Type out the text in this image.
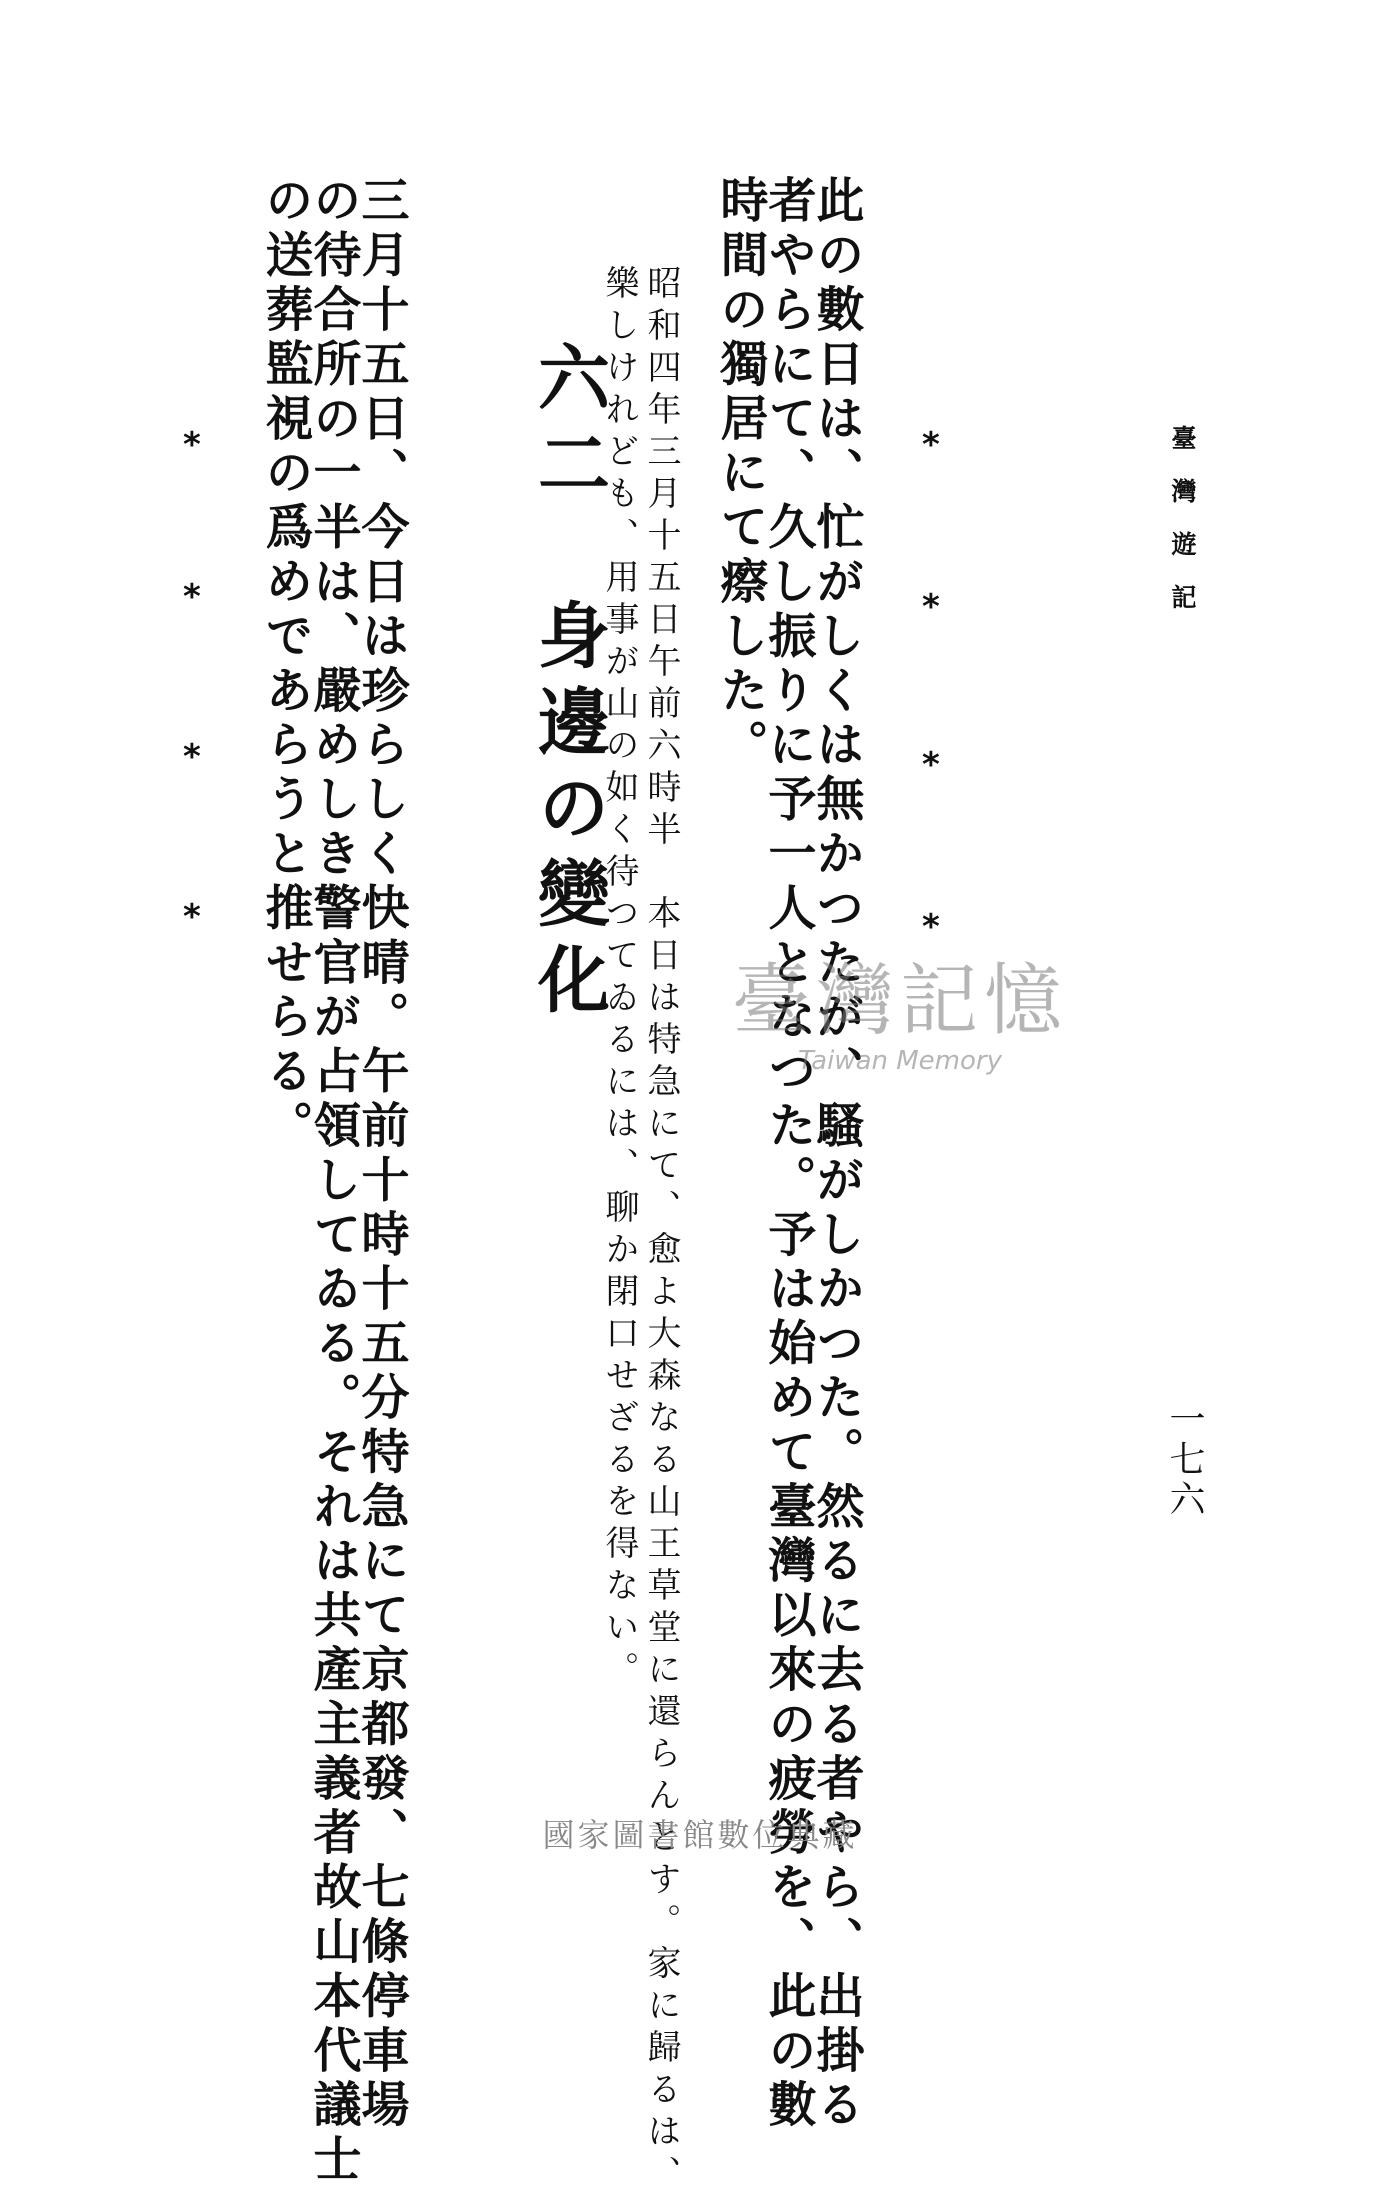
臺灣遊記
一七六
*
*
*
*
此の數日は、忙がしくは無かつたが、騷がしかつた。然るに去る者やら、出掛る
者やらにて、久し振りに予一人となつた。予は始めて臺灣以來の疲勞を、此の數
時間の獨居にて瘵した。
昭和四年三月十五日午前六時半　本日は特急にて、愈よ大森なる山王草堂に還らんとす。家に歸るは、
樂しけれども、用事が山の如く待つてゐるには、聊か閉口せざるを得ない。
六二　身邊の變化
三月十五日、今日は珍らしく快晴。午前十時十五分特急にて京都發、七條停車場
の待合所の一半は、嚴めしき警官が占領してゐる。それは共產主義者故山本代議士
の送葬監視の爲めであらうと推せらる。
*
*
*
*
臺灣記憶
Taiwan Memory
國家圖書館數位典藏
